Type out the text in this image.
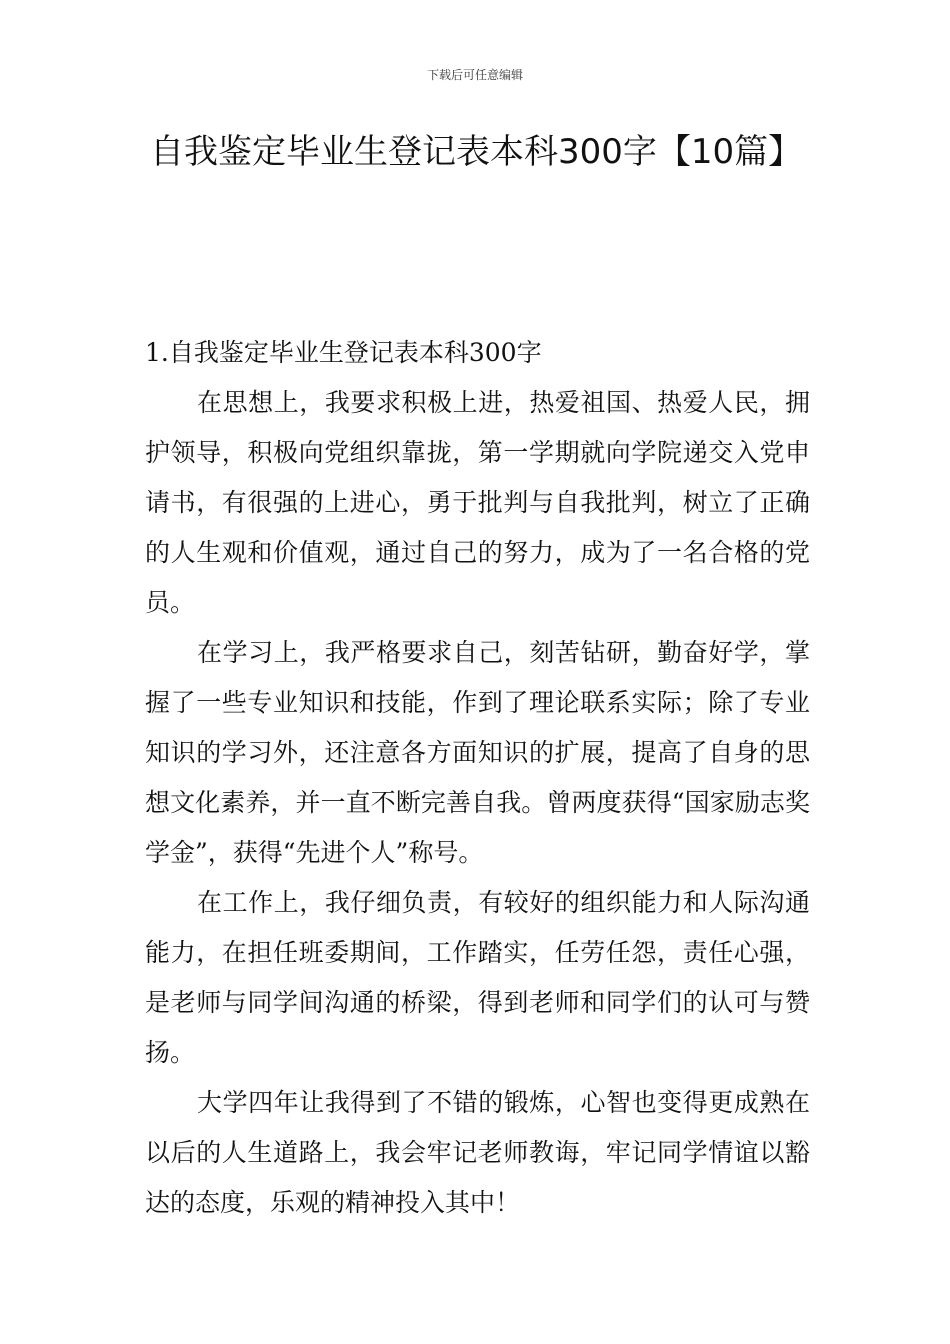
下载后可任意编辑
自我鉴定毕业生登记表本科300字【10篇】

1.自我鉴定毕业生登记表本科300字

在思想上，我要求积极上进，热爱祖国、热爱人民，拥护领导，积极向党组织靠拢，第一学期就向学院递交入党申请书，有很强的上进心，勇于批判与自我批判，树立了正确的人生观和价值观，通过自己的努力，成为了一名合格的党员。

在学习上，我严格要求自己，刻苦钻研，勤奋好学，掌握了一些专业知识和技能，作到了理论联系实际；除了专业知识的学习外，还注意各方面知识的扩展，提高了自身的思想文化素养，并一直不断完善自我。曾两度获得“国家励志奖学金”，获得“先进个人”称号。

在工作上，我仔细负责，有较好的组织能力和人际沟通能力，在担任班委期间，工作踏实，任劳任怨，责任心强，是老师与同学间沟通的桥梁，得到老师和同学们的认可与赞扬。

大学四年让我得到了不错的锻炼，心智也变得更成熟在以后的人生道路上，我会牢记老师教诲，牢记同学情谊以豁达的态度，乐观的精神投入其中！
